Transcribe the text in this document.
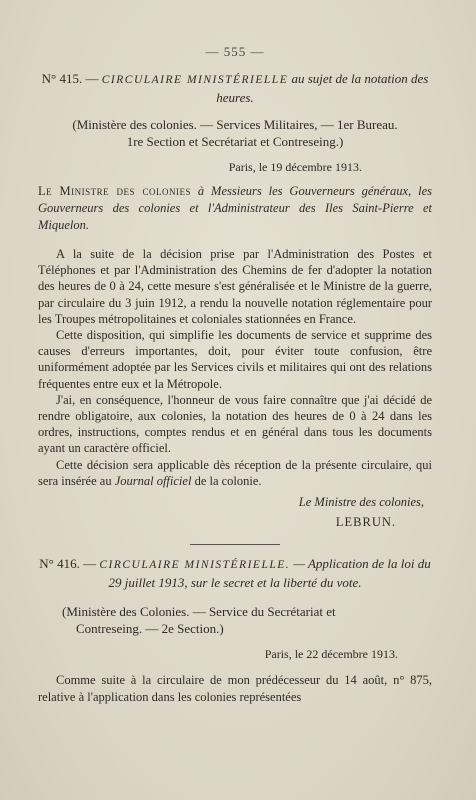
— 555 —
N° 415. — CIRCULAIRE MINISTÉRIELLE au sujet de la notation des heures.
(Ministère des colonies. — Services Militaires, — 1er Bureau.
1re Section et Secrétariat et Contreseing.)
Paris, le 19 décembre 1913.
Le Ministre des colonies à Messieurs les Gouverneurs généraux, les Gouverneurs des colonies et l'Administrateur des Iles Saint-Pierre et Miquelon.

A la suite de la décision prise par l'Administration des Postes et Téléphones et par l'Administration des Chemins de fer d'adopter la notation des heures de 0 à 24, cette mesure s'est généralisée et le Ministre de la guerre, par circulaire du 3 juin 1912, a rendu la nouvelle notation réglementaire pour les Troupes métropolitaines et coloniales stationnées en France.

Cette disposition, qui simplifie les documents de service et supprime des causes d'erreurs importantes, doit, pour éviter toute confusion, être uniformément adoptée par les Services civils et militaires qui ont des relations fréquentes entre eux et la Métropole.

J'ai, en conséquence, l'honneur de vous faire connaître que j'ai décidé de rendre obligatoire, aux colonies, la notation des heures de 0 à 24 dans les ordres, instructions, comptes rendus et en général dans tous les documents ayant un caractère officiel.

Cette décision sera applicable dès réception de la présente circulaire, qui sera insérée au Journal officiel de la colonie.

Le Ministre des colonies,
LEBRUN.
N° 416. — CIRCULAIRE MINISTÉRIELLE. — Application de la loi du 29 juillet 1913, sur le secret et la liberté du vote.
(Ministère des Colonies. — Service du Secrétariat et
Contreseing. — 2e Section.)
Paris, le 22 décembre 1913.

Comme suite à la circulaire de mon prédécesseur du 14 août, n° 875, relative à l'application dans les colonies représentées
